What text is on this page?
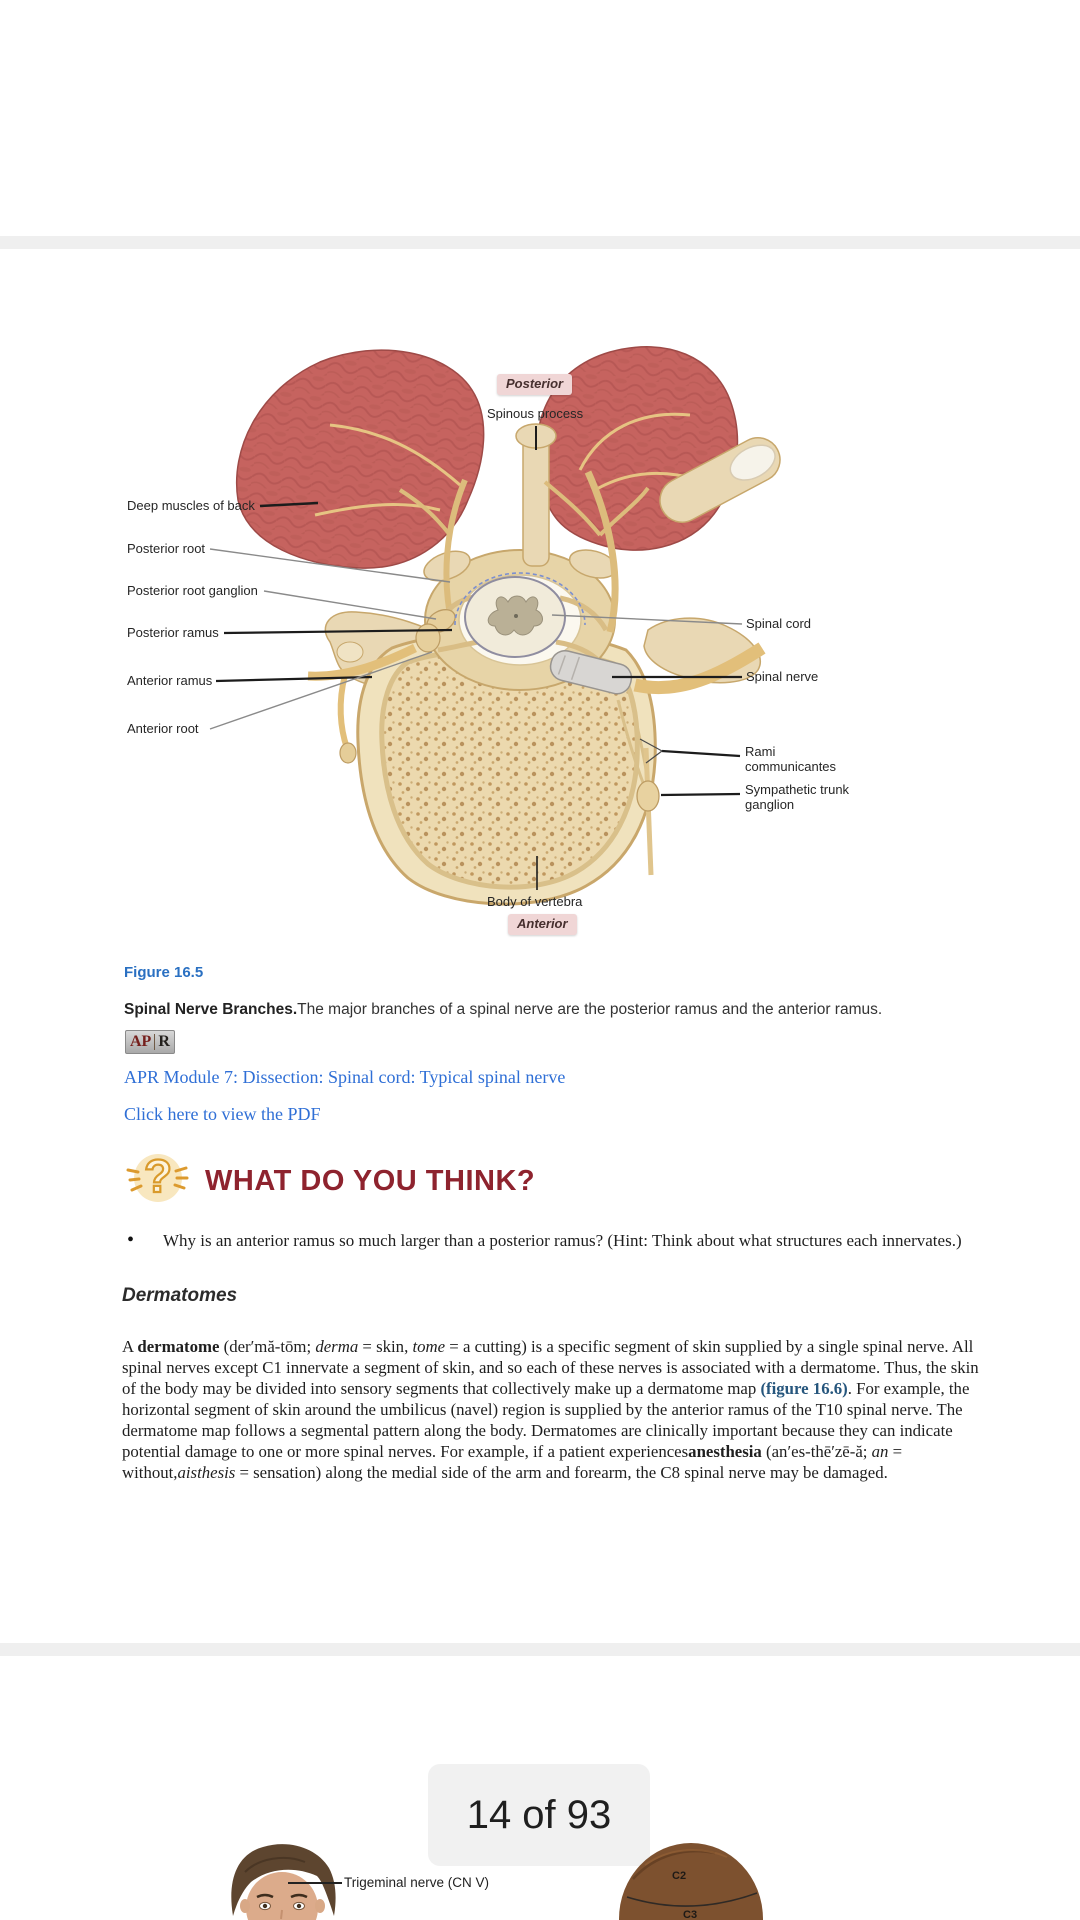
Posterior
Spinous process
Deep muscles of back
Posterior root
Posterior root ganglion
Posterior ramus
Anterior ramus
Anterior root
Spinal cord
Spinal nerve
Rami communicantes
Sympathetic trunk ganglion
Body of vertebra
Anterior
Figure 16.5
Spinal Nerve Branches.The major branches of a spinal nerve are the posterior ramus and the anterior ramus.
AP R
APR Module 7: Dissection: Spinal cord: Typical spinal nerve
Click here to view the PDF
? WHAT DO YOU THINK?
•	Why is an anterior ramus so much larger than a posterior ramus? (Hint: Think about what structures each innervates.)
Dermatomes

A dermatome (der′mă-tōm; derma = skin, tome = a cutting) is a specific segment of skin supplied by a single spinal nerve. All spinal nerves except C1 innervate a segment of skin, and so each of these nerves is associated with a dermatome. Thus, the skin of the body may be divided into sensory segments that collectively make up a dermatome map (figure 16.6). For example, the horizontal segment of skin around the umbilicus (navel) region is supplied by the anterior ramus of the T10 spinal nerve. The dermatome map follows a segmental pattern along the body. Dermatomes are clinically important because they can indicate potential damage to one or more spinal nerves. For example, if a patient experiencesanesthesia (an′es-thē′zē-ă; an = without,aisthesis = sensation) along the medial side of the arm and forearm, the C8 spinal nerve may be damaged.

14 of 93
Trigeminal nerve (CN V)	C2
C3
